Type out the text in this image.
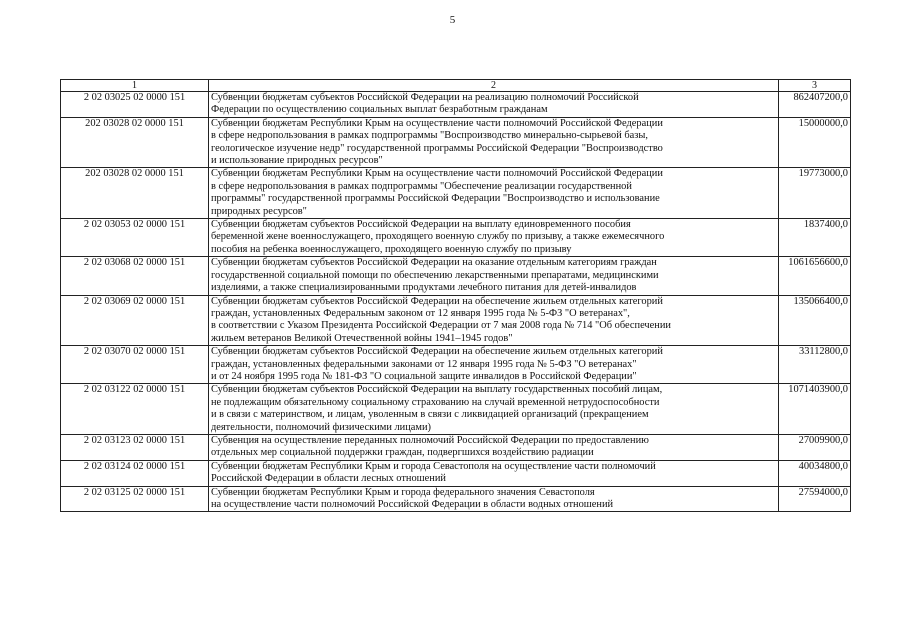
5
1	2	3
2 02 03025 02 0000 151	Субвенции бюджетам субъектов Российской Федерации на реализацию полномочий Российской
Федерации по осуществлению социальных выплат безработным гражданам	862407200,0
202 03028 02 0000 151	Субвенции бюджетам Республики Крым на осуществление части полномочий Российской Федерации
в сфере недропользования в рамках подпрограммы "Воспроизводство минерально-сырьевой базы,
геологическое изучение недр" государственной программы Российской Федерации "Воспроизводство
и использование природных ресурсов"	15000000,0
202 03028 02 0000 151	Субвенции бюджетам Республики Крым на осуществление части полномочий Российской Федерации
в сфере недропользования в рамках подпрограммы "Обеспечение реализации государственной
программы" государственной программы Российской Федерации "Воспроизводство и использование
природных ресурсов"	19773000,0
2 02 03053 02 0000 151	Субвенции бюджетам субъектов Российской Федерации на выплату единовременного пособия
беременной жене военнослужащего, проходящего военную службу по призыву, а также ежемесячного
пособия на ребенка военнослужащего, проходящего военную службу по призыву	1837400,0
2 02 03068 02 0000 151	Субвенции бюджетам субъектов Российской Федерации на оказание отдельным категориям граждан
государственной социальной помощи по обеспечению лекарственными препаратами, медицинскими
изделиями, а также специализированными продуктами лечебного питания для детей-инвалидов	1061656600,0
2 02 03069 02 0000 151	Субвенции бюджетам субъектов Российской Федерации на обеспечение жильем отдельных категорий
граждан, установленных Федеральным законом от 12 января 1995 года № 5-ФЗ "О ветеранах",
в соответствии с Указом Президента Российской Федерации от 7 мая 2008 года № 714 "Об обеспечении
жильем ветеранов Великой Отечественной войны 1941–1945 годов"	135066400,0
2 02 03070 02 0000 151	Субвенции бюджетам субъектов Российской Федерации на обеспечение жильем отдельных категорий
граждан, установленных федеральными законами от 12 января 1995 года № 5-ФЗ "О ветеранах"
и от 24 ноября 1995 года № 181-ФЗ "О социальной защите инвалидов в Российской Федерации"	33112800,0
2 02 03122 02 0000 151	Субвенции бюджетам субъектов Российской Федерации на выплату государственных пособий лицам,
не подлежащим обязательному социальному страхованию на случай временной нетрудоспособности
и в связи с материнством, и лицам, уволенным в связи с ликвидацией организаций (прекращением
деятельности, полномочий физическими лицами)	1071403900,0
2 02 03123 02 0000 151	Субвенция на осуществление переданных полномочий Российской Федерации по предоставлению
отдельных мер социальной поддержки граждан, подвергшихся воздействию радиации	27009900,0
2 02 03124 02 0000 151	Субвенции бюджетам Республики Крым и города Севастополя на осуществление части полномочий
Российской Федерации в области лесных отношений	40034800,0
2 02 03125 02 0000 151	Субвенции бюджетам Республики Крым и города федерального значения Севастополя
на осуществление части полномочий Российской Федерации в области водных отношений	27594000,0
